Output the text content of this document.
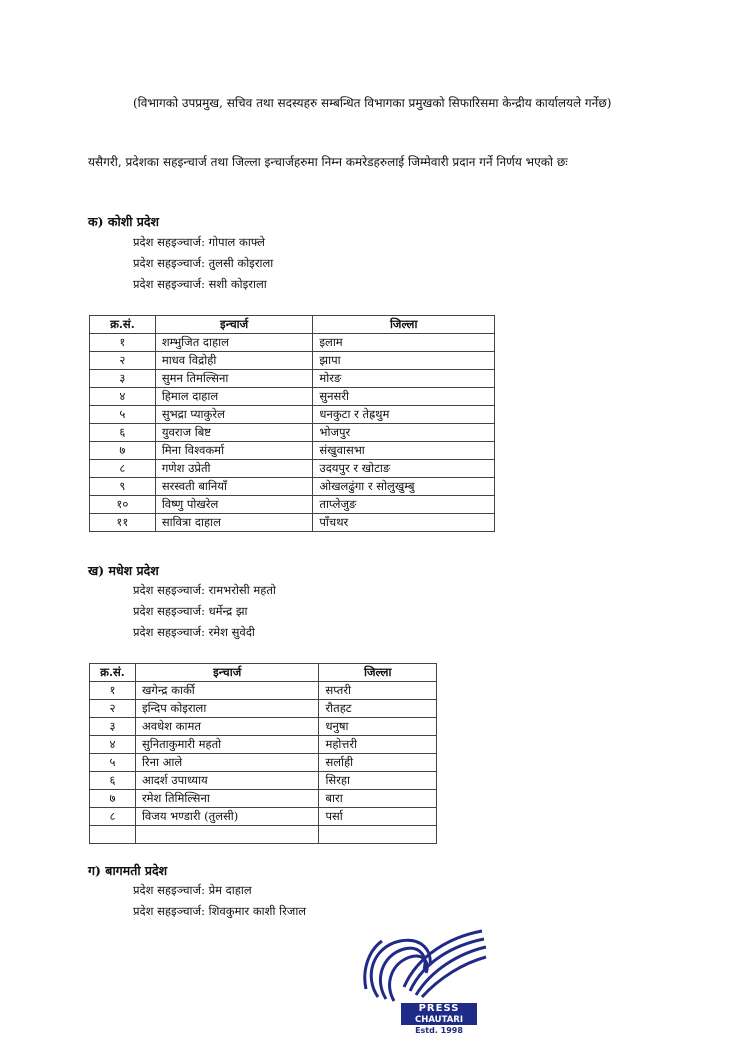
(विभागको उपप्रमुख, सचिव तथा सदस्यहरु सम्बन्धित विभागका प्रमुखको सिफारिसमा केन्द्रीय कार्यालयले गर्नेछ)
यसैगरी, प्रदेशका सहइन्चार्ज तथा जिल्ला इन्चार्जहरुमा निम्न कमरेडहरुलाई जिम्मेवारी प्रदान गर्ने निर्णय भएको छः
क) कोशी प्रदेश
प्रदेश सहइञ्चार्ज: गोपाल काफ्ले
प्रदेश सहइञ्चार्ज: तुलसी कोइराला
प्रदेश सहइञ्चार्ज: सशी कोइराला
क्र.सं.	इन्चार्ज	जिल्ला
१	शम्भुजित दाहाल	इलाम
२	माधव विद्रोही	झापा
३	सुमन तिमल्सिना	मोरङ
४	हिमाल दाहाल	सुनसरी
५	सुभद्रा प्याकुरेल	धनकुटा र तेह्रथुम
६	युवराज बिष्ट	भोजपुर
७	मिना विश्वकर्मा	संखुवासभा
८	गणेश उप्रेती	उदयपुर र खोटाङ
९	सरस्वती बानियाँ	ओखलढुंगा र सोलुखुम्बु
१०	विष्णु पोखरेल	ताप्लेजुङ
११	सावित्रा दाहाल	पाँचथर
ख) मधेश प्रदेश
प्रदेश सहइञ्चार्ज: रामभरोसी महतो
प्रदेश सहइञ्चार्ज: धर्मेन्द्र झा
प्रदेश सहइञ्चार्ज: रमेश सुवेदी
क्र.सं.	इन्चार्ज	जिल्ला
१	खगेन्द्र कार्की	सप्तरी
२	इन्दिप कोइराला	रौतहट
३	अवधेश कामत	धनुषा
४	सुनिताकुमारी महतो	महोत्तरी
५	रिना आले	सर्लाही
६	आदर्श उपाध्याय	सिरहा
७	रमेश तिमिल्सिना	बारा
८	विजय भण्डारी (तुलसी)	पर्सा

ग) बागमती प्रदेश
प्रदेश सहइञ्चार्ज: प्रेम दाहाल
प्रदेश सहइञ्चार्ज: शिवकुमार काशी रिजाल
PRESS
CHAUTARI
Estd. 1998
